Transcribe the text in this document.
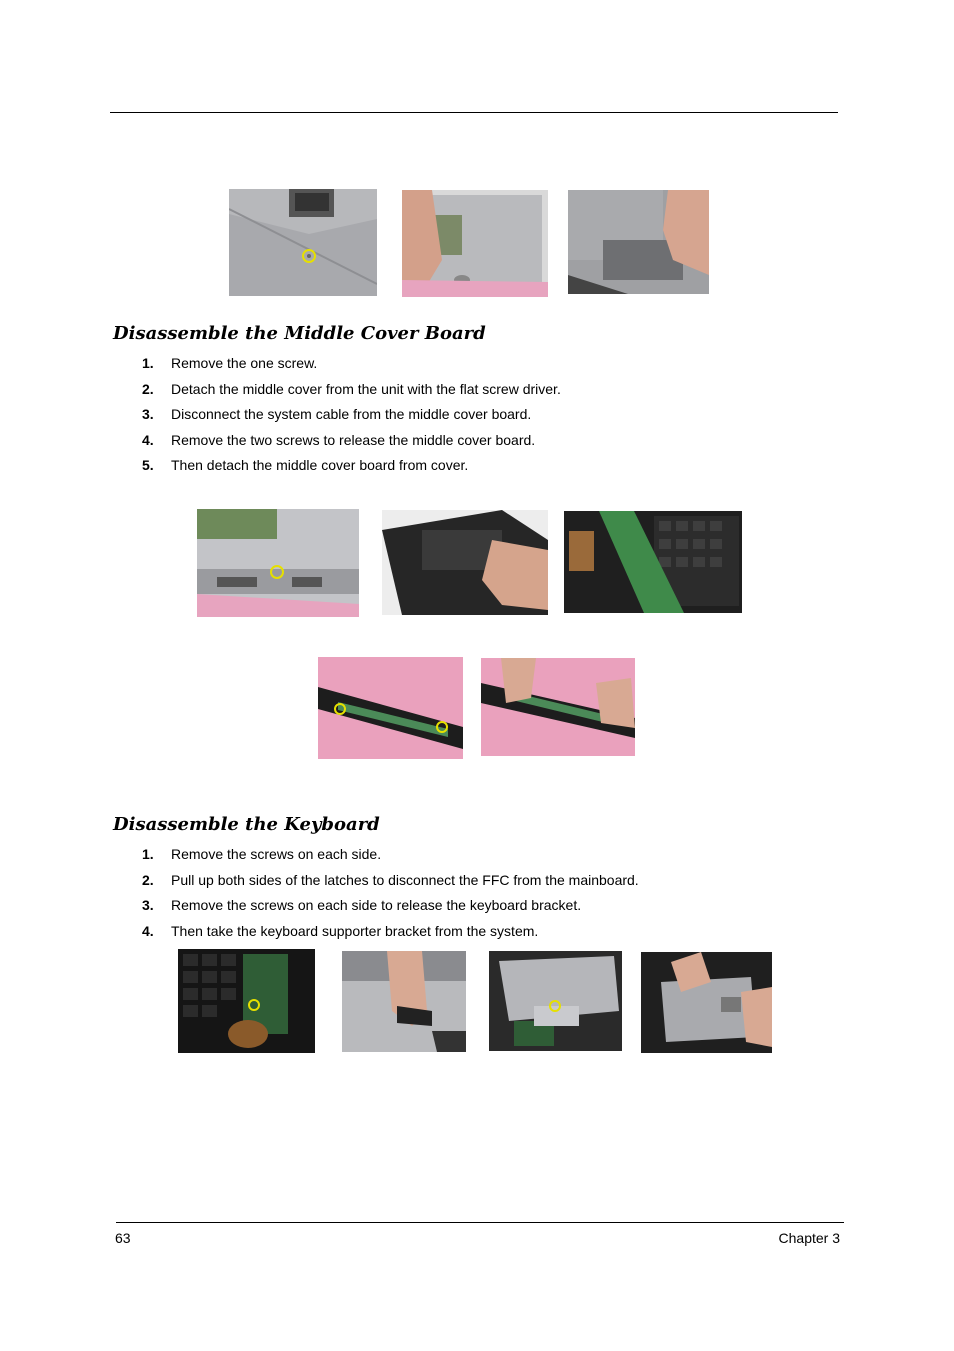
Disassemble the Middle Cover Board
1. Remove the one screw.
2. Detach the middle cover from the unit with the flat screw driver.
3. Disconnect the system cable from the middle cover board.
4. Remove the two screws to release the middle cover board.
5. Then detach the middle cover board from cover.
Disassemble the Keyboard
1. Remove the screws on each side.
2. Pull up both sides of the latches to disconnect the FFC from the mainboard.
3. Remove the screws on each side to release the keyboard bracket.
4. Then take the keyboard supporter bracket from the system.
63	Chapter 3
